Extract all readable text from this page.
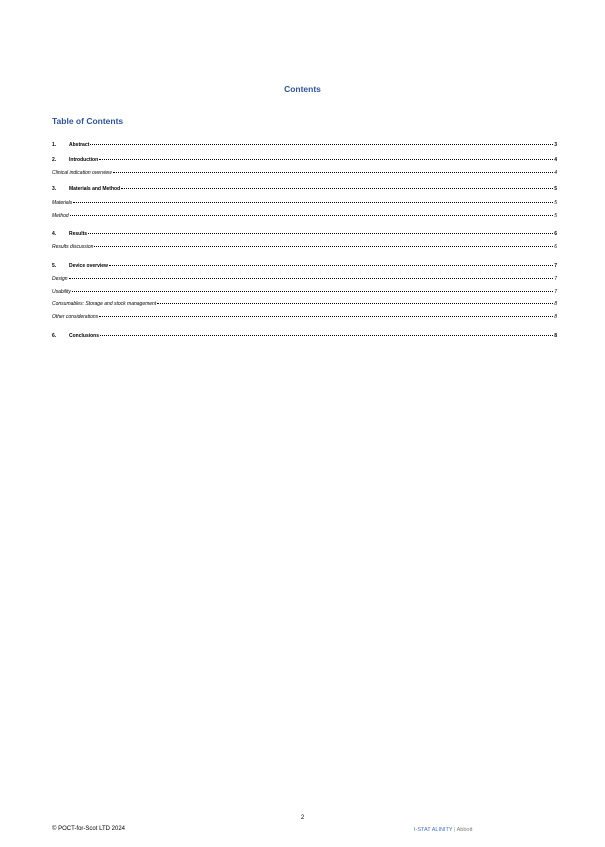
Contents
Table of Contents
1.	Abstract	3
2.	Introduction	4
Clinical indication overview	4
3.	Materials and Method	5
Materials	5
Method	5
4.	Results	6
Results discussion	6
5.	Device overview	7
Design	7
Usability	7
Consumables: Storage and stock management	8
Other considerations	8
6.	Conclusions	8
2
© POCT-for-Scot LTD 2024	I-STAT ALINITY | Abbott
